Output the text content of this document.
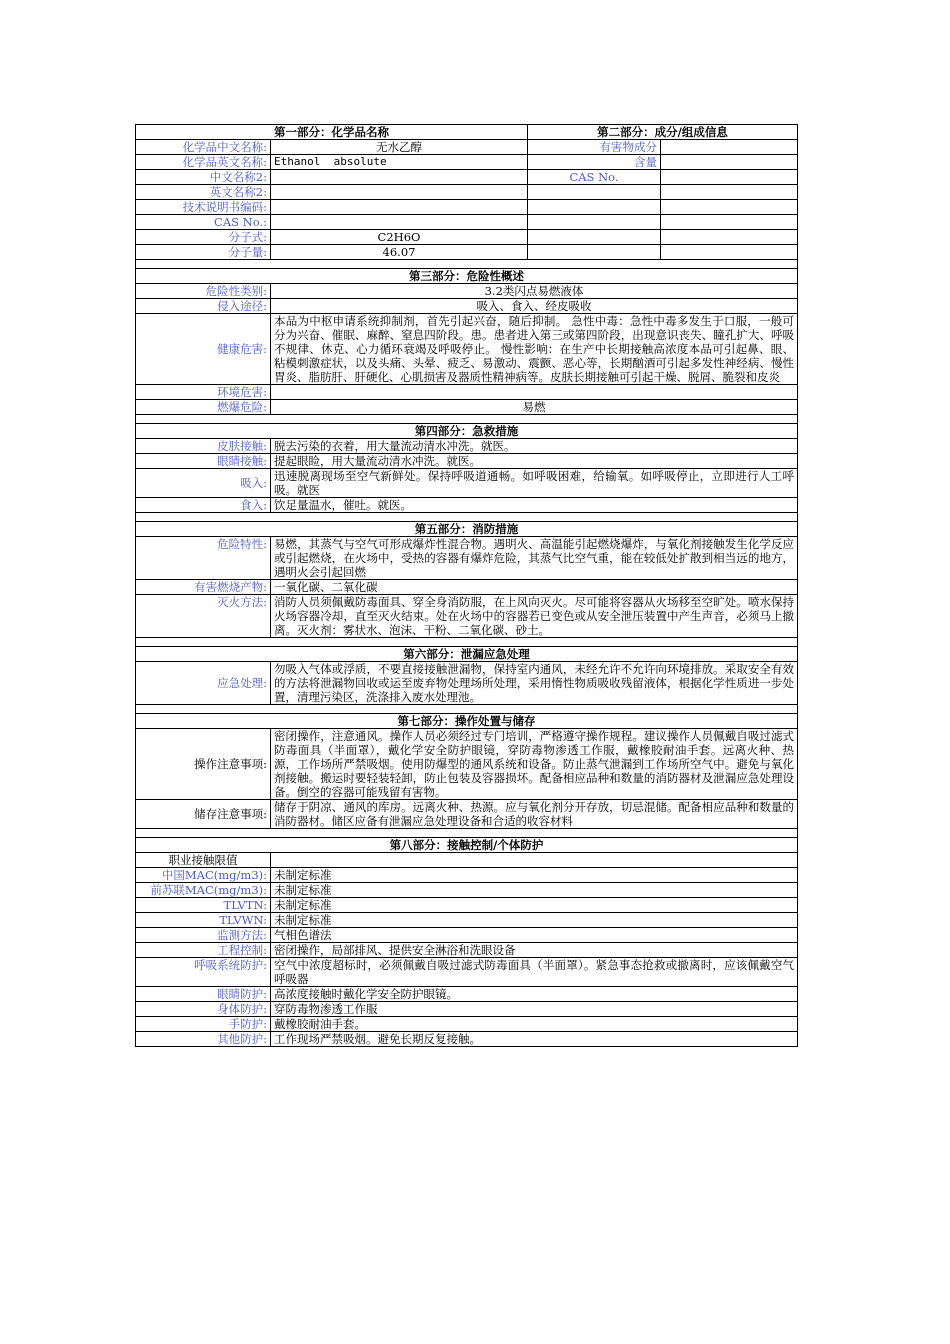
第一部分：化学品名称		第二部分：成分/组成信息	
化学品中文名称:	无水乙醇	有害物成分	
化学品英文名称:	Ethanol  absolute	含量	
中文名称2:		CAS No.	
英文名称2:			
技术说明书编码:			
CAS No.:			
分子式:	C2H6O		
分子量:	46.07		

第三部分：危险性概述			
危险性类别:	3.2类闪点易燃液体		
侵入途径:	吸入、食入、经皮吸收		
健康危害:	本品为中枢申请系统抑制剂，首先引起兴奋，随后抑制。 急性中毒：急性中毒多发生于口服，一般可分为兴奋、催眠、麻醉、窒息四阶段。患。患者进入第三或第四阶段，出现意识丧失、瞳孔扩大、呼吸不规律、休克、心力循环衰竭及呼吸停止。 慢性影响：在生产中长期接触高浓度本品可引起鼻、眼、粘模刺激症状，以及头痛、头晕、疲乏、易激动、震颤、恶心等，长期酗酒可引起多发性神经病、慢性胃炎、脂肪肝、肝硬化、心肌损害及器质性精神病等。皮肤长期接触可引起干燥、脱屑、脆裂和皮炎		
环境危害:			
燃爆危险:	易燃		

第四部分：急救措施			
皮肤接触:	脱去污染的衣着，用大量流动清水冲洗。就医。		
眼睛接触:	提起眼睑，用大量流动清水冲洗。就医。		
吸入:	迅速脱离现场至空气新鲜处。保持呼吸道通畅。如呼吸困难，给输氧。如呼吸停止，立即进行人工呼吸。就医		
食入:	饮足量温水，催吐。就医。		

第五部分：消防措施			
危险特性:	易燃，其蒸气与空气可形成爆炸性混合物。遇明火、高温能引起燃烧爆炸，与氧化剂接触发生化学反应或引起燃烧，在火场中，受热的容器有爆炸危险，其蒸气比空气重，能在较低处扩散到相当远的地方，遇明火会引起回燃		
有害燃烧产物:	一氧化碳、二氧化碳		
灭火方法:	消防人员须佩戴防毒面具、穿全身消防服，在上风向灭火。尽可能将容器从火场移至空旷处。喷水保持火场容器冷却，直至灭火结束。处在火场中的容器若已变色或从安全泄压装置中产生声音，必须马上撤离。灭火剂：雾状水、泡沫、干粉、二氧化碳、砂土。		

第六部分：泄漏应急处理			
应急处理:	勿吸入气体或浮质，不要直接接触泄漏物，保持室内通风，未经允许不允许向环境排放。采取安全有效的方法将泄漏物回收或运至废弃物处理场所处理，采用惰性物质吸收残留液体，根据化学性质进一步处置，清理污染区，洗涤排入废水处理池。		

第七部分：操作处置与储存			
操作注意事项:	密闭操作，注意通风。操作人员必须经过专门培训，严格遵守操作规程。建议操作人员佩戴自吸过滤式防毒面具（半面罩），戴化学安全防护眼镜，穿防毒物渗透工作服，戴橡胶耐油手套。远离火种、热源，工作场所严禁吸烟。使用防爆型的通风系统和设备。防止蒸气泄漏到工作场所空气中。避免与氧化剂接触。搬运时要轻装轻卸，防止包装及容器损坏。配备相应品种和数量的消防器材及泄漏应急处理设备。倒空的容器可能残留有害物。		
储存注意事项:	储存于阴凉、通风的库房。远离火种、热源。应与氧化剂分开存放，切忌混储。配备相应品种和数量的消防器材。储区应备有泄漏应急处理设备和合适的收容材料		

第八部分：接触控制/个体防护			
职业接触限值			
中国MAC(mg/m3):	未制定标准		
前苏联MAC(mg/m3):	未制定标准		
TLVTN:	未制定标准		
TLVWN:	未制定标准		
监测方法:	气相色谱法		
工程控制:	密闭操作，局部排风、提供安全淋浴和洗眼设备		
呼吸系统防护:	空气中浓度超标时，必须佩戴自吸过滤式防毒面具（半面罩）。紧急事态抢救或撤离时，应该佩戴空气呼吸器		
眼睛防护:	高浓度接触时戴化学安全防护眼镜。		
身体防护:	穿防毒物渗透工作服		
手防护:	戴橡胶耐油手套。		
其他防护:	工作现场严禁吸烟。避免长期反复接触。		
